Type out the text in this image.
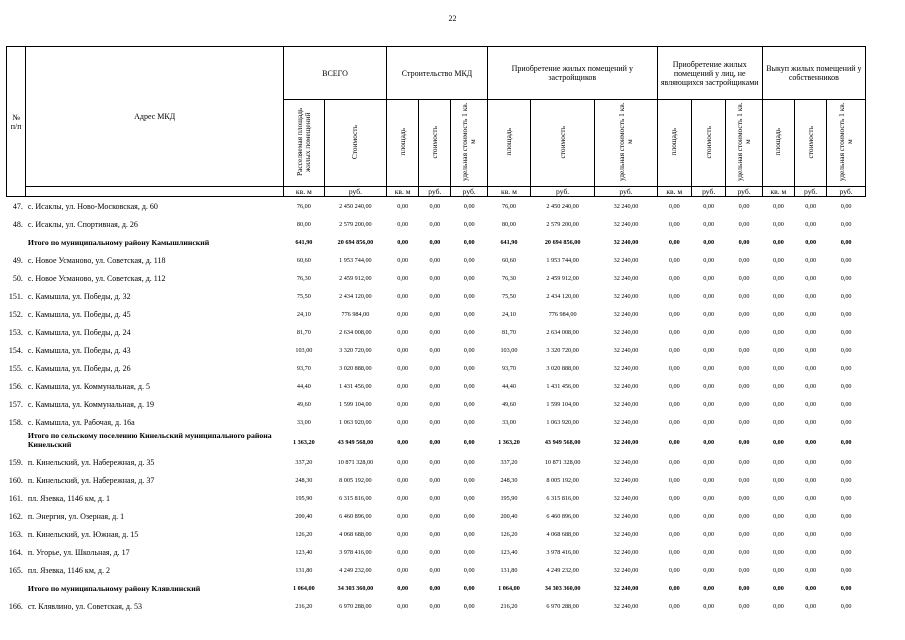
22
№
п/п	Адрес МКД	ВСЕГО		Строительство МКД			Приобретение жилых помещений у застройщиков			Приобретение жилых помещений у лиц, не являющихся застройщиками			Выкуп жилых помещений у собственников		
		Расселяемая площадь жилых помещений	Стоимость	площадь	стоимость	удельная стоимость 1 кв. м	площадь	стоимость	удельная стоимость 1 кв. м	площадь	стоимость	удельная стоимость 1 кв. м	площадь	стоимость	удельная стоимость 1 кв. м
		кв. м	руб.	кв. м	руб.	руб.	кв. м	руб.	руб.	кв. м	руб.	руб.	кв. м	руб.	руб.
47.	с. Исаклы, ул. Ново-Московская, д. 60	76,00	2 450 240,00	0,00	0,00	0,00	76,00	2 450 240,00	32 240,00	0,00	0,00	0,00	0,00	0,00	0,00
48.	с. Исаклы, ул. Спортивная, д. 26	80,00	2 579 200,00	0,00	0,00	0,00	80,00	2 579 200,00	32 240,00	0,00	0,00	0,00	0,00	0,00	0,00
	Итого по муниципальному району Камышлинский	641,90	20 694 856,00	0,00	0,00	0,00	641,90	20 694 856,00	32 240,00	0,00	0,00	0,00	0,00	0,00	0,00
49.	с. Новое Усманово, ул. Советская, д. 118	60,60	1 953 744,00	0,00	0,00	0,00	60,60	1 953 744,00	32 240,00	0,00	0,00	0,00	0,00	0,00	0,00
50.	с. Новое Усманово, ул. Советская, д. 112	76,30	2 459 912,00	0,00	0,00	0,00	76,30	2 459 912,00	32 240,00	0,00	0,00	0,00	0,00	0,00	0,00
151.	с. Камышла, ул. Победы, д. 32	75,50	2 434 120,00	0,00	0,00	0,00	75,50	2 434 120,00	32 240,00	0,00	0,00	0,00	0,00	0,00	0,00
152.	с. Камышла, ул. Победы, д. 45	24,10	776 984,00	0,00	0,00	0,00	24,10	776 984,00	32 240,00	0,00	0,00	0,00	0,00	0,00	0,00
153.	с. Камышла, ул. Победы, д. 24	81,70	2 634 008,00	0,00	0,00	0,00	81,70	2 634 008,00	32 240,00	0,00	0,00	0,00	0,00	0,00	0,00
154.	с. Камышла, ул. Победы, д. 43	103,00	3 320 720,00	0,00	0,00	0,00	103,00	3 320 720,00	32 240,00	0,00	0,00	0,00	0,00	0,00	0,00
155.	с. Камышла, ул. Победы, д. 26	93,70	3 020 888,00	0,00	0,00	0,00	93,70	3 020 888,00	32 240,00	0,00	0,00	0,00	0,00	0,00	0,00
156.	с. Камышла, ул. Коммунальная, д. 5	44,40	1 431 456,00	0,00	0,00	0,00	44,40	1 431 456,00	32 240,00	0,00	0,00	0,00	0,00	0,00	0,00
157.	с. Камышла, ул. Коммунальная, д. 19	49,60	1 599 104,00	0,00	0,00	0,00	49,60	1 599 104,00	32 240,00	0,00	0,00	0,00	0,00	0,00	0,00
158.	с. Камышла, ул. Рабочая, д. 16а	33,00	1 063 920,00	0,00	0,00	0,00	33,00	1 063 920,00	32 240,00	0,00	0,00	0,00	0,00	0,00	0,00
	Итого по сельскому поселению Кинельский муниципального района Кинельский	1 363,20	43 949 568,00	0,00	0,00	0,00	1 363,20	43 949 568,00	32 240,00	0,00	0,00	0,00	0,00	0,00	0,00
159.	п. Кинельский, ул. Набережная, д. 35	337,20	10 871 328,00	0,00	0,00	0,00	337,20	10 871 328,00	32 240,00	0,00	0,00	0,00	0,00	0,00	0,00
160.	п. Кинельский, ул. Набережная, д. 37	248,30	8 005 192,00	0,00	0,00	0,00	248,30	8 005 192,00	32 240,00	0,00	0,00	0,00	0,00	0,00	0,00
161.	пл. Язевка, 1146 км, д. 1	195,90	6 315 816,00	0,00	0,00	0,00	195,90	6 315 816,00	32 240,00	0,00	0,00	0,00	0,00	0,00	0,00
162.	п. Энергия, ул. Озерная, д. 1	200,40	6 460 896,00	0,00	0,00	0,00	200,40	6 460 896,00	32 240,00	0,00	0,00	0,00	0,00	0,00	0,00
163.	п. Кинельский, ул. Южная, д. 15	126,20	4 068 688,00	0,00	0,00	0,00	126,20	4 068 688,00	32 240,00	0,00	0,00	0,00	0,00	0,00	0,00
164.	п. Угорье, ул. Школьная, д. 17	123,40	3 978 416,00	0,00	0,00	0,00	123,40	3 978 416,00	32 240,00	0,00	0,00	0,00	0,00	0,00	0,00
165.	пл. Язевка, 1146 км, д. 2	131,80	4 249 232,00	0,00	0,00	0,00	131,80	4 249 232,00	32 240,00	0,00	0,00	0,00	0,00	0,00	0,00
	Итого по муниципальному району Клявлинский	1 064,00	34 303 360,00	0,00	0,00	0,00	1 064,00	34 303 360,00	32 240,00	0,00	0,00	0,00	0,00	0,00	0,00
166.	ст. Клявлино, ул. Советская, д. 53	216,20	6 970 288,00	0,00	0,00	0,00	216,20	6 970 288,00	32 240,00	0,00	0,00	0,00	0,00	0,00	0,00
